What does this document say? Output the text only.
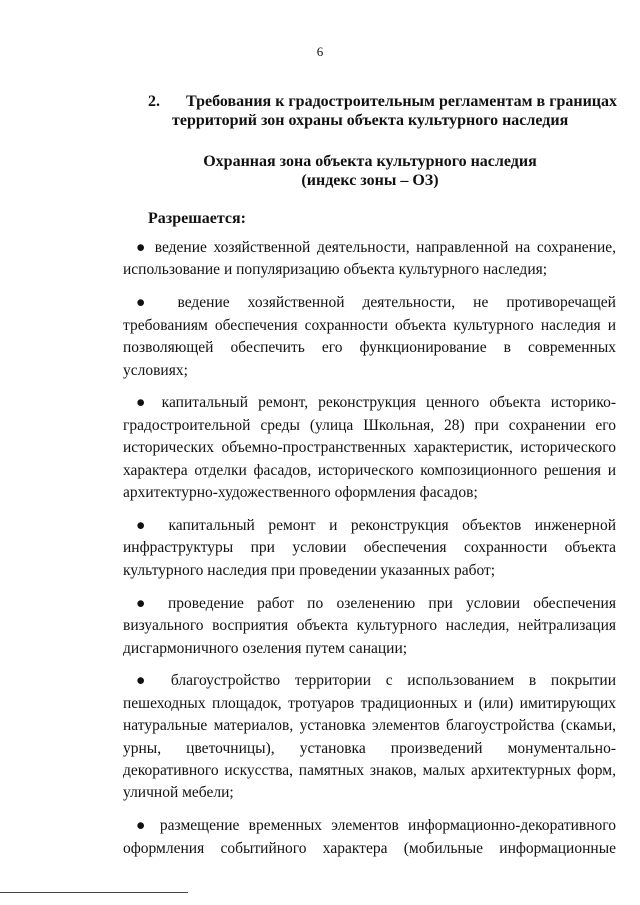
6
2. Требования к градостроительным регламентам в границах
территорий зон охраны объекта культурного наследия
Охранная зона объекта культурного наследия
(индекс зоны – ОЗ)
Разрешается:

● ведение хозяйственной деятельности, направленной на сохранение, использование и популяризацию объекта культурного наследия;

● ведение хозяйственной деятельности, не противоречащей требованиям обеспечения сохранности объекта культурного наследия и позволяющей обеспечить его функционирование в современных условиях;

● капитальный ремонт, реконструкция ценного объекта историко-градостроительной среды (улица Школьная, 28) при сохранении его исторических объемно-пространственных характеристик, исторического характера отделки фасадов, исторического композиционного решения и архитектурно-художественного оформления фасадов;

● капитальный ремонт и реконструкция объектов инженерной инфраструктуры при условии обеспечения сохранности объекта культурного наследия при проведении указанных работ;

● проведение работ по озеленению при условии обеспечения визуального восприятия объекта культурного наследия, нейтрализация дисгармоничного озеления путем санации;

● благоустройство территории с использованием в покрытии пешеходных площадок, тротуаров традиционных и (или) имитирующих натуральные материалов, установка элементов благоустройства (скамьи, урны, цветочницы), установка произведений монументально-декоративного искусства, памятных знаков, малых архитектурных форм, уличной мебели;

● размещение временных элементов информационно-декоративного оформления событийного характера (мобильные информационные
